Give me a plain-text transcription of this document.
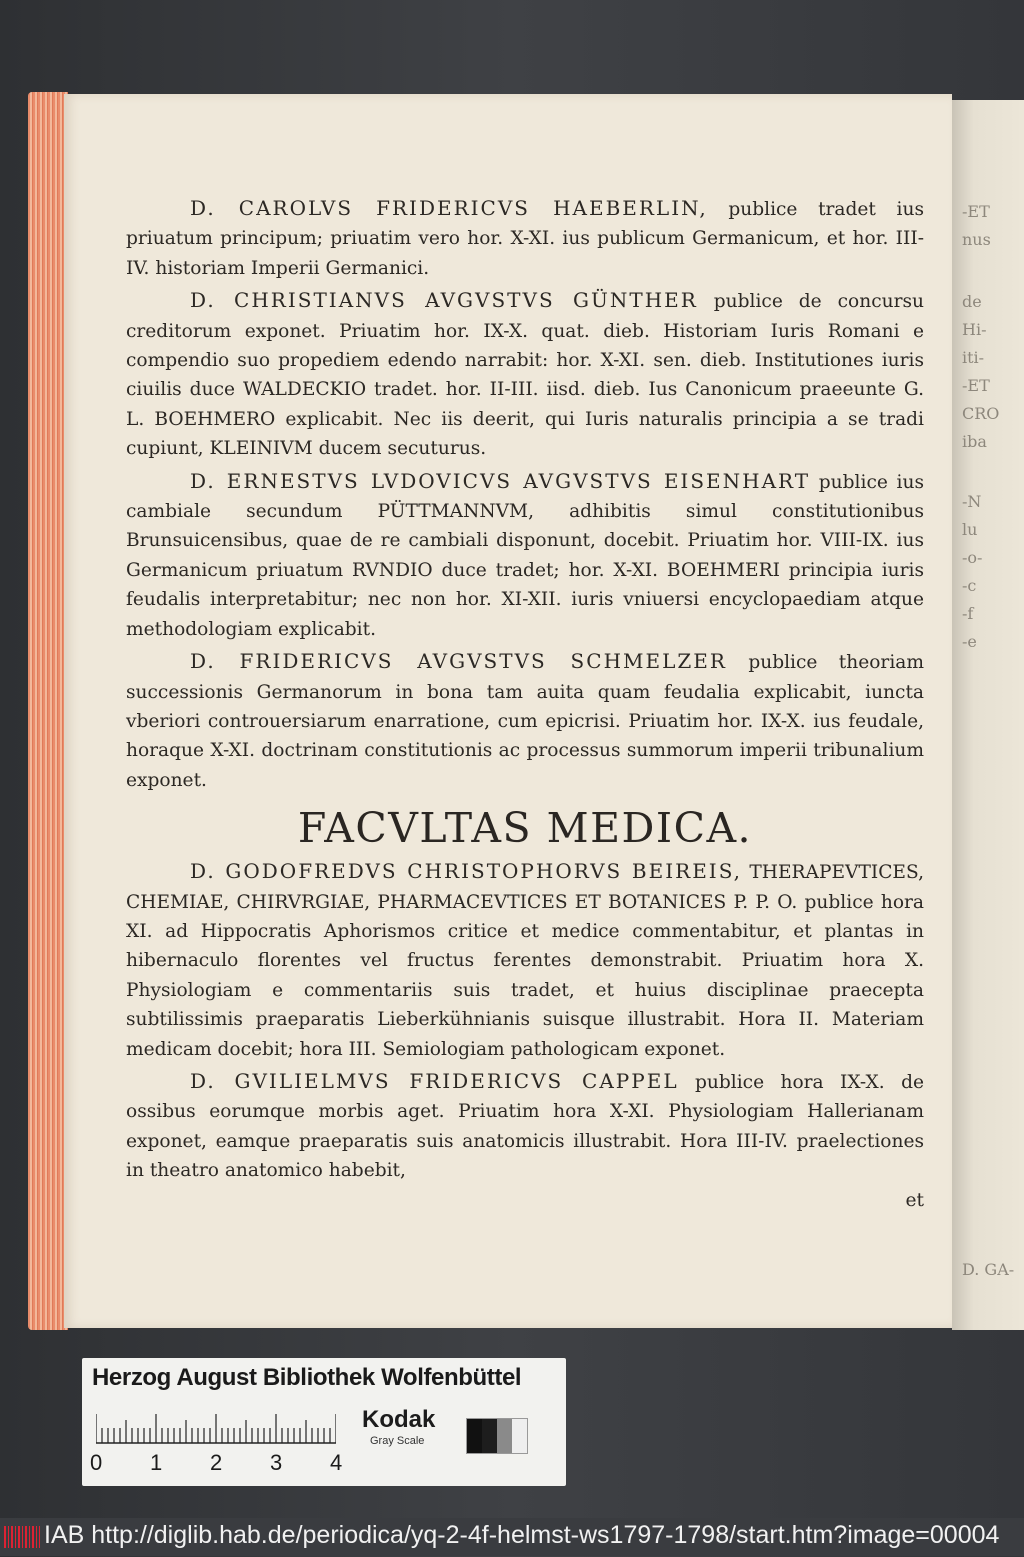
-ET
nus
de
Hi-
iti-
-ET
CRO
iba
-N
lu
-o-
-c
-f
-e
D. GA-

D. CAROLVS FRIDERICVS HAEBERLIN, publice tradet ius priuatum principum; priuatim vero hor. X-XI. ius publicum Germanicum, et hor. III-IV. historiam Imperii Germanici.

D. CHRISTIANVS AVGVSTVS GÜNTHER publice de concursu creditorum exponet. Priuatim hor. IX-X. quat. dieb. Historiam Iuris Romani e compendio suo propediem edendo narrabit: hor. X-XI. sen. dieb. Institutiones iuris ciuilis duce WALDECKIO tradet. hor. II-III. iisd. dieb. Ius Canonicum praeeunte G. L. BOEHMERO explicabit. Nec iis deerit, qui Iuris naturalis principia a se tradi cupiunt, KLEINIVM ducem secuturus.

D. ERNESTVS LVDOVICVS AVGVSTVS EISENHART publice ius cambiale secundum PÜTTMANNVM, adhibitis simul constitutionibus Brunsuicensibus, quae de re cambiali disponunt, docebit. Priuatim hor. VIII-IX. ius Germanicum priuatum RVNDIO duce tradet; hor. X-XI. BOEHMERI principia iuris feudalis interpretabitur; nec non hor. XI-XII. iuris vniuersi encyclopaediam atque methodologiam explicabit.

D. FRIDERICVS AVGVSTVS SCHMELZER publice theoriam successionis Germanorum in bona tam auita quam feudalia explicabit, iuncta vberiori controuersiarum enarratione, cum epicrisi. Priuatim hor. IX-X. ius feudale, horaque X-XI. doctrinam constitutionis ac processus summorum imperii tribunalium exponet.

FACVLTAS MEDICA.

D. GODOFREDVS CHRISTOPHORVS BEIREIS, THERAPEVTICES, CHEMIAE, CHIRVRGIAE, PHARMACEVTICES ET BOTANICES P. P. O. publice hora XI. ad Hippocratis Aphorismos critice et medice commentabitur, et plantas in hibernaculo florentes vel fructus ferentes demonstrabit. Priuatim hora X. Physiologiam e commentariis suis tradet, et huius disciplinae praecepta subtilissimis praeparatis Lieberkühnianis suisque illustrabit. Hora II. Materiam medicam docebit; hora III. Semiologiam pathologicam exponet.

D. GVILIELMVS FRIDERICVS CAPPEL publice hora IX-X. de ossibus eorumque morbis aget. Priuatim hora X-XI. Physiologiam Hallerianam exponet, eamque praeparatis suis anatomicis illustrabit. Hora III-IV. praelectiones in theatro anatomico habebit,

et

Herzog August Bibliothek Wolfenbüttel
0 1 2 3 4
Kodak
Gray Scale
IAB http://diglib.hab.de/periodica/yq-2-4f-helmst-ws1797-1798/start.htm?image=00004
